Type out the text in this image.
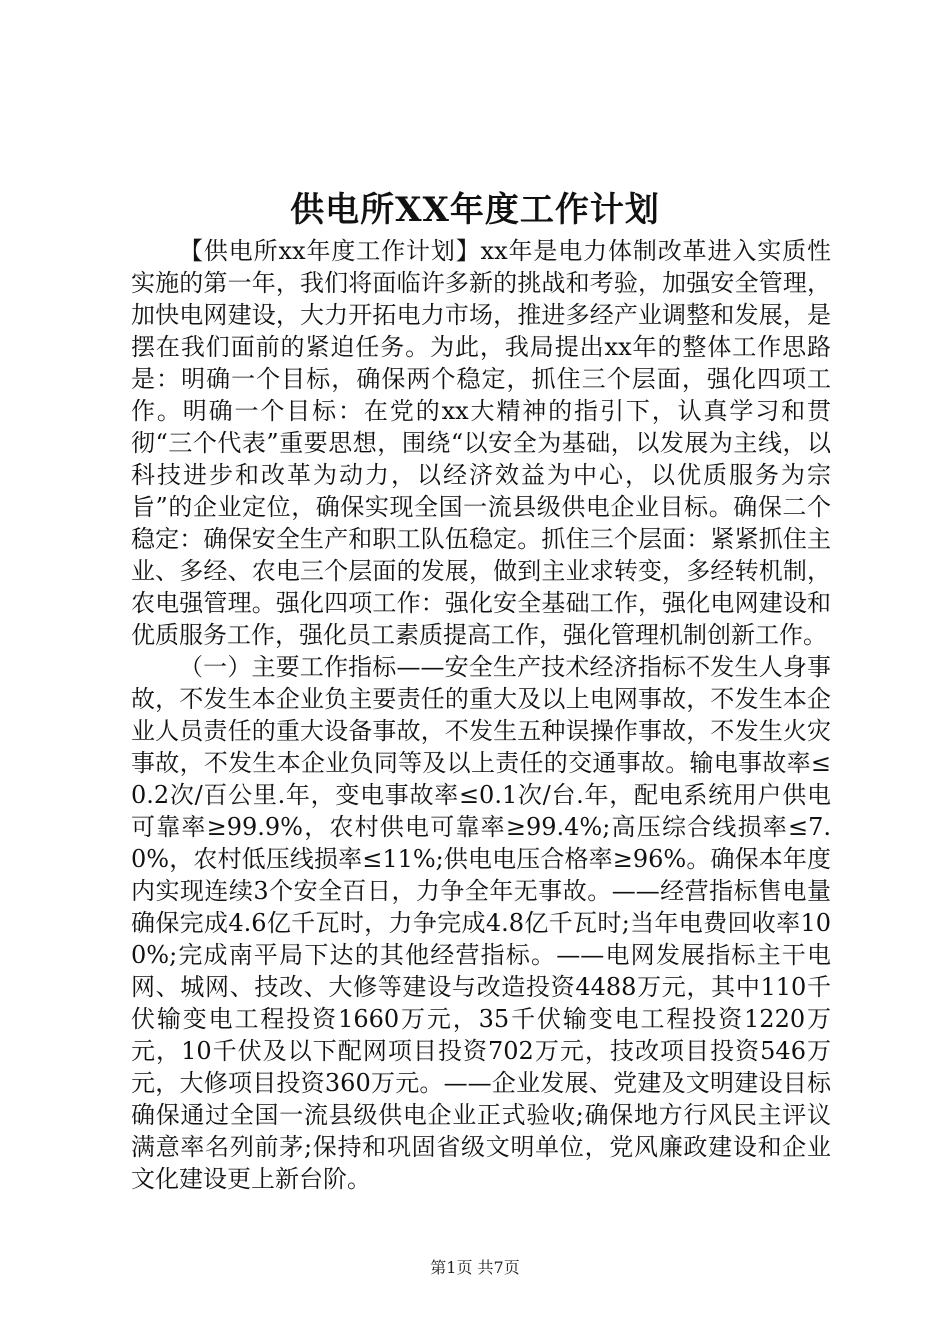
供电所XX年度工作计划

【供电所xx年度工作计划】xx年是电力体制改革进入实质性实施的第一年，我们将面临许多新的挑战和考验，加强安全管理，加快电网建设，大力开拓电力市场，推进多经产业调整和发展，是摆在我们面前的紧迫任务。为此，我局提出xx年的整体工作思路是：明确一个目标，确保两个稳定，抓住三个层面，强化四项工作。明确一个目标：在党的xx大精神的指引下，认真学习和贯彻“三个代表”重要思想，围绕“以安全为基础，以发展为主线，以科技进步和改革为动力，以经济效益为中心，以优质服务为宗旨”的企业定位，确保实现全国一流县级供电企业目标。确保二个稳定：确保安全生产和职工队伍稳定。抓住三个层面：紧紧抓住主业、多经、农电三个层面的发展，做到主业求转变，多经转机制，农电强管理。强化四项工作：强化安全基础工作，强化电网建设和优质服务工作，强化员工素质提高工作，强化管理机制创新工作。

（一）主要工作指标——安全生产技术经济指标不发生人身事故，不发生本企业负主要责任的重大及以上电网事故，不发生本企业人员责任的重大设备事故，不发生五种误操作事故，不发生火灾事故，不发生本企业负同等及以上责任的交通事故。输电事故率≤0.2次/百公里.年，变电事故率≤0.1次/台.年，配电系统用户供电可靠率≥99.9%，农村供电可靠率≥99.4%;高压综合线损率≤7.0%，农村低压线损率≤11%;供电电压合格率≥96%。确保本年度内实现连续3个安全百日，力争全年无事故。——经营指标售电量确保完成4.6亿千瓦时，力争完成4.8亿千瓦时;当年电费回收率100%;完成南平局下达的其他经营指标。——电网发展指标主干电网、城网、技改、大修等建设与改造投资4488万元，其中110千伏输变电工程投资1660万元，35千伏输变电工程投资1220万元，10千伏及以下配网项目投资702万元，技改项目投资546万元，大修项目投资360万元。——企业发展、党建及文明建设目标确保通过全国一流县级供电企业正式验收;确保地方行风民主评议满意率名列前茅;保持和巩固省级文明单位，党风廉政建设和企业文化建设更上新台阶。

第1页 共7页
